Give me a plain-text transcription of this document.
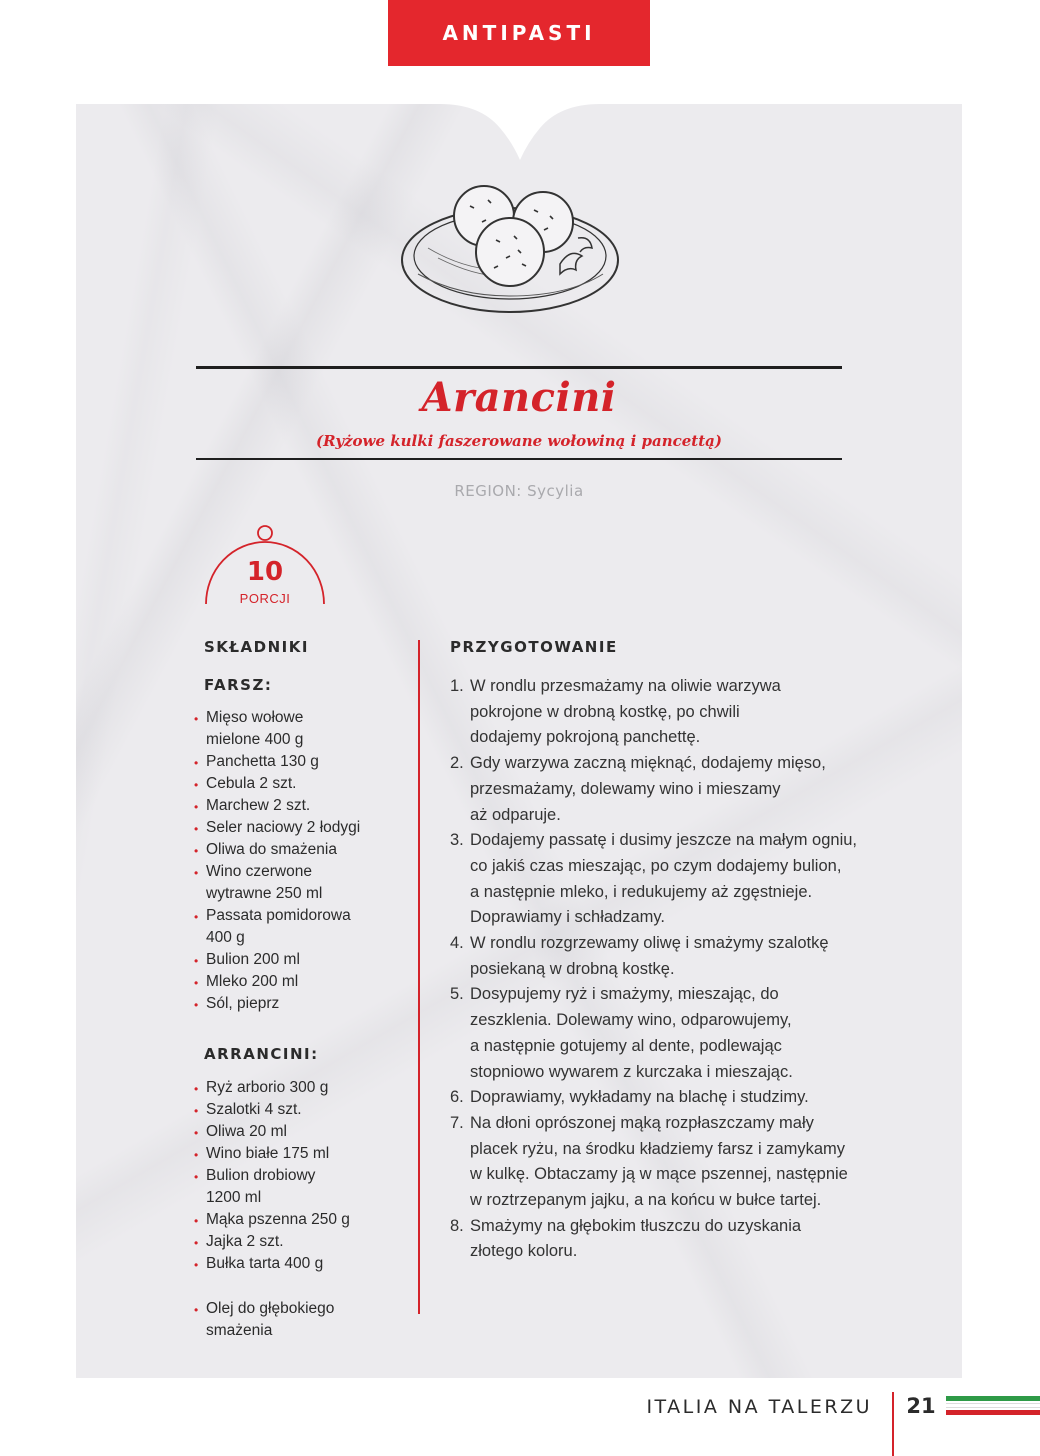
ANTIPASTI
Arancini
(Ryżowe kulki faszerowane wołowiną i pancettą)
REGION: Sycylia
10
PORCJI
SKŁADNIKI
FARSZ:
• Mięso wołowe
mielone 400 g
• Panchetta 130 g
• Cebula 2 szt.
• Marchew 2 szt.
• Seler naciowy 2 łodygi
• Oliwa do smażenia
• Wino czerwone
wytrawne 250 ml
• Passata pomidorowa
400 g
• Bulion 200 ml
• Mleko 200 ml
• Sól, pieprz
ARRANCINI:
• Ryż arborio 300 g
• Szalotki 4 szt.
• Oliwa 20 ml
• Wino białe 175 ml
• Bulion drobiowy
1200 ml
• Mąka pszenna 250 g
• Jajka 2 szt.
• Bułka tarta 400 g
• Olej do głębokiego
smażenia
PRZYGOTOWANIE
1. W rondlu przesmażamy na oliwie warzywa
pokrojone w drobną kostkę, po chwili
dodajemy pokrojoną panchettę.
2. Gdy warzywa zaczną mięknąć, dodajemy mięso,
przesmażamy, dolewamy wino i mieszamy
aż odparuje.
3. Dodajemy passatę i dusimy jeszcze na małym ogniu,
co jakiś czas mieszając, po czym dodajemy bulion,
a następnie mleko, i redukujemy aż zgęstnieje.
Doprawiamy i schładzamy.
4. W rondlu rozgrzewamy oliwę i smażymy szalotkę
posiekaną w drobną kostkę.
5. Dosypujemy ryż i smażymy, mieszając, do
zeszklenia. Dolewamy wino, odparowujemy,
a następnie gotujemy al dente, podlewając
stopniowo wywarem z kurczaka i mieszając.
6. Doprawiamy, wykładamy na blachę i studzimy.
7. Na dłoni oprószonej mąką rozpłaszczamy mały
placek ryżu, na środku kładziemy farsz i zamykamy
w kulkę. Obtaczamy ją w mące pszennej, następnie
w roztrzepanym jajku, a na końcu w bułce tartej.
8. Smażymy na głębokim tłuszczu do uzyskania
złotego koloru.
ITALIA NA TALERZU 21
